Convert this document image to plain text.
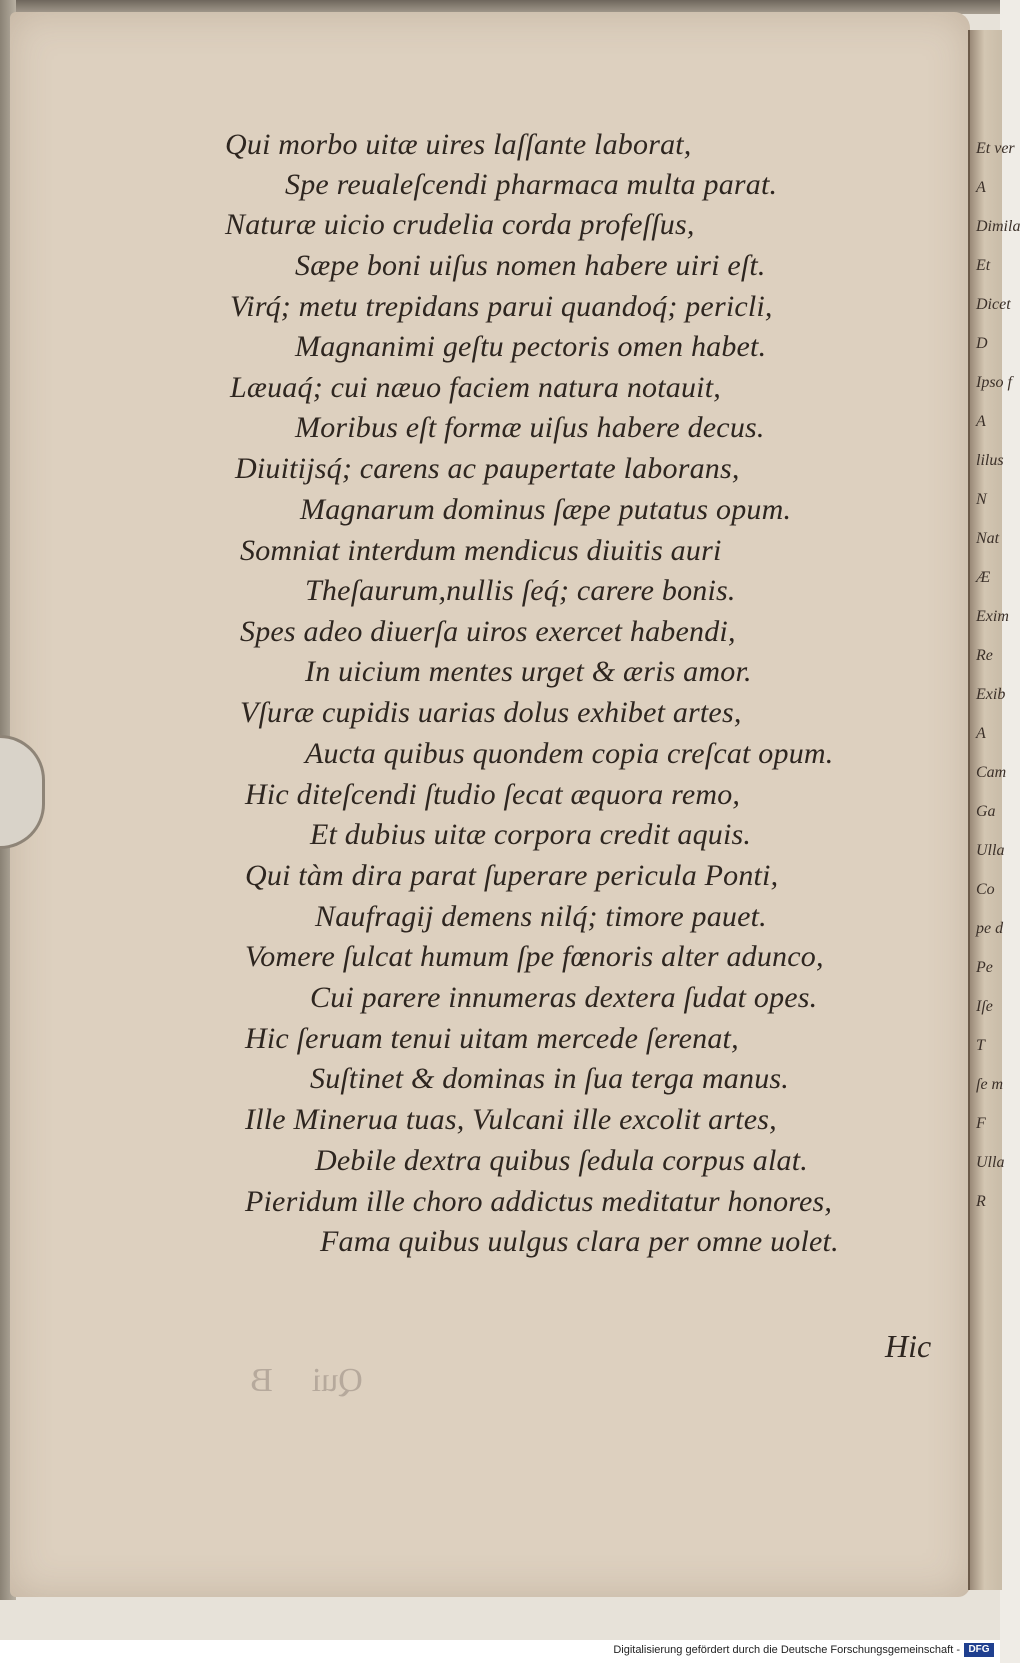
Qui morbo uitæ uires laſſante laborat,
Spe reualeſcendi pharmaca multa parat.
Naturæ uicio crudelia corda profeſſus,
Sæpe boni uiſus nomen habere uiri eſt.
Virq́; metu trepidans parui quandoq́; pericli,
Magnanimi geſtu pectoris omen habet.
Læuaq́; cui næuo faciem natura notauit,
Moribus eſt formæ uiſus habere decus.
Diuitijsq́; carens ac paupertate laborans,
Magnarum dominus ſæpe putatus opum.
Somniat interdum mendicus diuitis auri
Theſaurum,nullis ſeq́; carere bonis.
Spes adeo diuerſa uiros exercet habendi,
In uicium mentes urget & æris amor.
Vſuræ cupidis uarias dolus exhibet artes,
Aucta quibus quondem copia creſcat opum.
Hic diteſcendi ſtudio ſecat æquora remo,
Et dubius uitæ corpora credit aquis.
Qui tàm dira parat ſuperare pericula Ponti,
Naufragij demens nilq́; timore pauet.
Vomere ſulcat humum ſpe fœnoris alter adunco,
Cui parere innumeras dextera ſudat opes.
Hic ſeruam tenui uitam mercede ſerenat,
Suſtinet & dominas in ſua terga manus.
Ille Minerua tuas, Vulcani ille excolit artes,
Debile dextra quibus ſedula corpus alat.
Pieridum ille choro addictus meditatur honores,
Fama quibus uulgus clara per omne uolet.
Hic
B Qui
Et ver
A
Dimila
Et
Dicet
D
Ipso f
A
lilus
N
Nat
Æ
Exim
Re
Exib
A
Cam
Ga
Ulla
Co
pe d
Pe
Iſe
T
ſe m
F
Ulla
R
Digitalisierung gefördert durch die Deutsche Forschungsgemeinschaft - DFG
